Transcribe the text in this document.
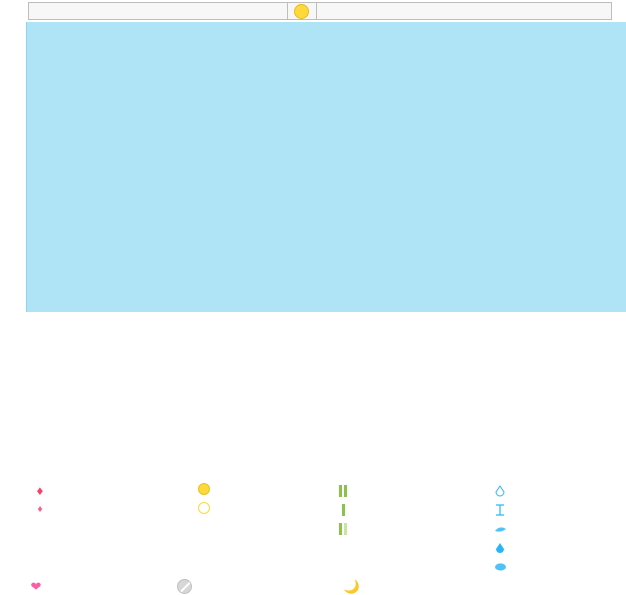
♦
♦

❤	🌙
